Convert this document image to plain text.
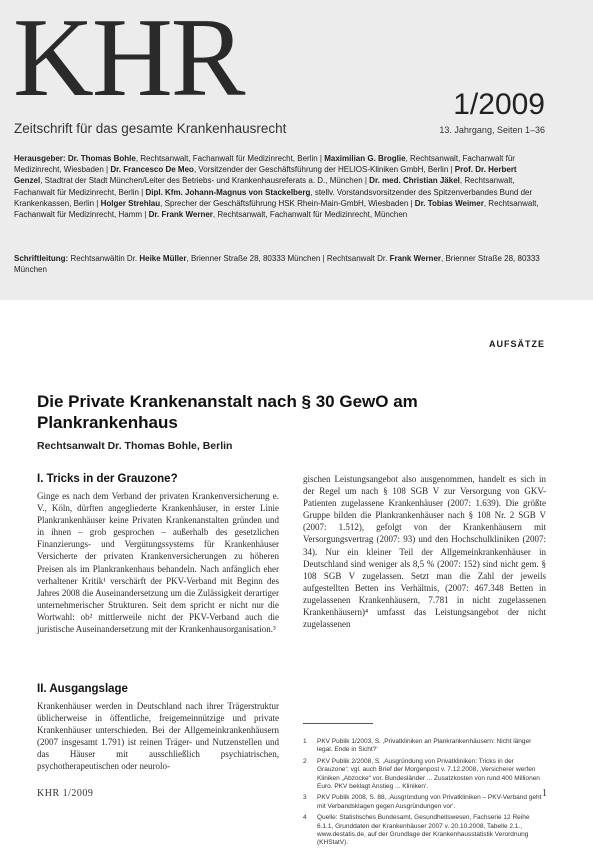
KHR	1/2009
Zeitschrift für das gesamte Krankenhausrecht	13. Jahrgang, Seiten 1–36
Herausgeber: Dr. Thomas Bohle, Rechtsanwalt, Fachanwalt für Medizinrecht, Berlin | Maximilian G. Broglie, Rechtsanwalt, Fachanwalt für Medizinrecht, Wiesbaden | Dr. Francesco De Meo, Vorsitzender der Geschäftsführung der HELIOS-Kliniken GmbH, Berlin | Prof. Dr. Herbert Genzel, Stadtrat der Stadt München/Leiter des Betriebs- und Krankenhausreferats a. D., München | Dr. med. Christian Jäkel, Rechtsanwalt, Fachanwalt für Medizinrecht, Berlin | Dipl. Kfm. Johann-Magnus von Stackelberg, stellv. Vorstandsvorsitzender des Spitzenverbandes Bund der Krankenkassen, Berlin | Holger Strehlau, Sprecher der Geschäftsführung HSK Rhein-Main-GmbH, Wiesbaden | Dr. Tobias Weimer, Rechtsanwalt, Fachanwalt für Medizinrecht, Hamm | Dr. Frank Werner, Rechtsanwalt, Fachanwalt für Medizinrecht, München
Schriftleitung: Rechtsanwältin Dr. Heike Müller, Brienner Straße 28, 80333 München | Rechtsanwalt Dr. Frank Werner, Brienner Straße 28, 80333 München
AUFSÄTZE
Die Private Krankenanstalt nach § 30 GewO am Plankrankenhaus
Rechtsanwalt Dr. Thomas Bohle, Berlin
I. Tricks in der Grauzone?
Ginge es nach dem Verband der privaten Krankenversicherung e. V., Köln, dürften angegliederte Krankenhäuser, in erster Linie Plankrankenhäuser keine Privaten Krankenanstalten gründen und in ihnen – grob gesprochen – außerhalb des gesetzlichen Finanzierungs- und Vergütungssystems für Krankenhäuser Versicherte der privaten Krankenversicherungen zu höheren Preisen als im Plankrankenhaus behandeln. Nach anfänglich eher verhaltener Kritik¹ verschärft der PKV-Verband mit Beginn des Jahres 2008 die Auseinandersetzung um die Zulässigkeit derartiger unternehmerischer Strukturen. Seit dem spricht er nicht nur die Wortwahl: ob² mittlerweile nicht der PKV-Verband auch die juristische Auseinandersetzung mit der Krankenhausorganisation.³
II. Ausgangslage
Krankenhäuser werden in Deutschland nach ihrer Trägerstruktur üblicherweise in öffentliche, freigemeinnützige und private Krankenhäuser unterschieden. Bei der Allgemeinkrankenhäusern (2007 insgesamt 1.791) ist reinen Träger- und Nutzenstellen und das Häuser mit ausschließlich psychiatrischen, psychotherapeutischen oder neurolo-
gischen Leistungsangebot also ausgenommen, handelt es sich in der Regel um nach § 108 SGB V zur Versorgung von GKV-Patienten zugelassene Krankenhäuser (2007: 1.639). Die größte Gruppe bilden die Plankrankenhäuser nach § 108 Nr. 2 SGB V (2007: 1.512), gefolgt von der Krankenhäusern mit Versorgungsvertrag (2007: 93) und den Hochschulkliniken (2007: 34). Nur ein kleiner Teil der Allgemeinkrankenhäuser in Deutschland sind weniger als 8,5 % (2007: 152) sind nicht gem. § 108 SGB V zugelassen. Setzt man die Zahl der jeweils aufgestellten Betten ins Verhältnis, (2007: 467.348 Betten in zugelassenen Krankenhäusern, 7.781 in nicht zugelassenen Krankenhäusern)⁴ umfasst das Leistungsangebot der nicht zugelassenen
1	PKV Publik 1/2003, S. ‚Privatkliniken an Plankrankenhäusern: Nicht länger legal. Ende in Sicht?‘
2	PKV Publik 2/2008, S. ‚Ausgründung von Privatkliniken: Tricks in der Grauzone‘; vgl. auch Brief der Morgenpost v. 7.12.2008, ‚Versicherer werfen Kliniken „Abzocke“ vor. Bundesländer ... Zusatzkosten von rund 400 Millionen Euro. PKV beklagt Anstieg ... Kliniken‘.
3	PKV Publik 2008, S. 88, ‚Ausgründung von Privatkliniken – PKV-Verband geht mit Verbandsklagen gegen Ausgründungen vor‘.
4	Quelle: Statistisches Bundesamt, Gesundheitswesen, Fachserie 12 Reihe 6.1.1, Grunddaten der Krankenhäuser 2007 v. 20.10.2008, Tabelle 2.1., www.destatis.de, auf der Grundlage der Krankenhausstatistik Verordnung (KHStatV).
KHR 1/2009	1
